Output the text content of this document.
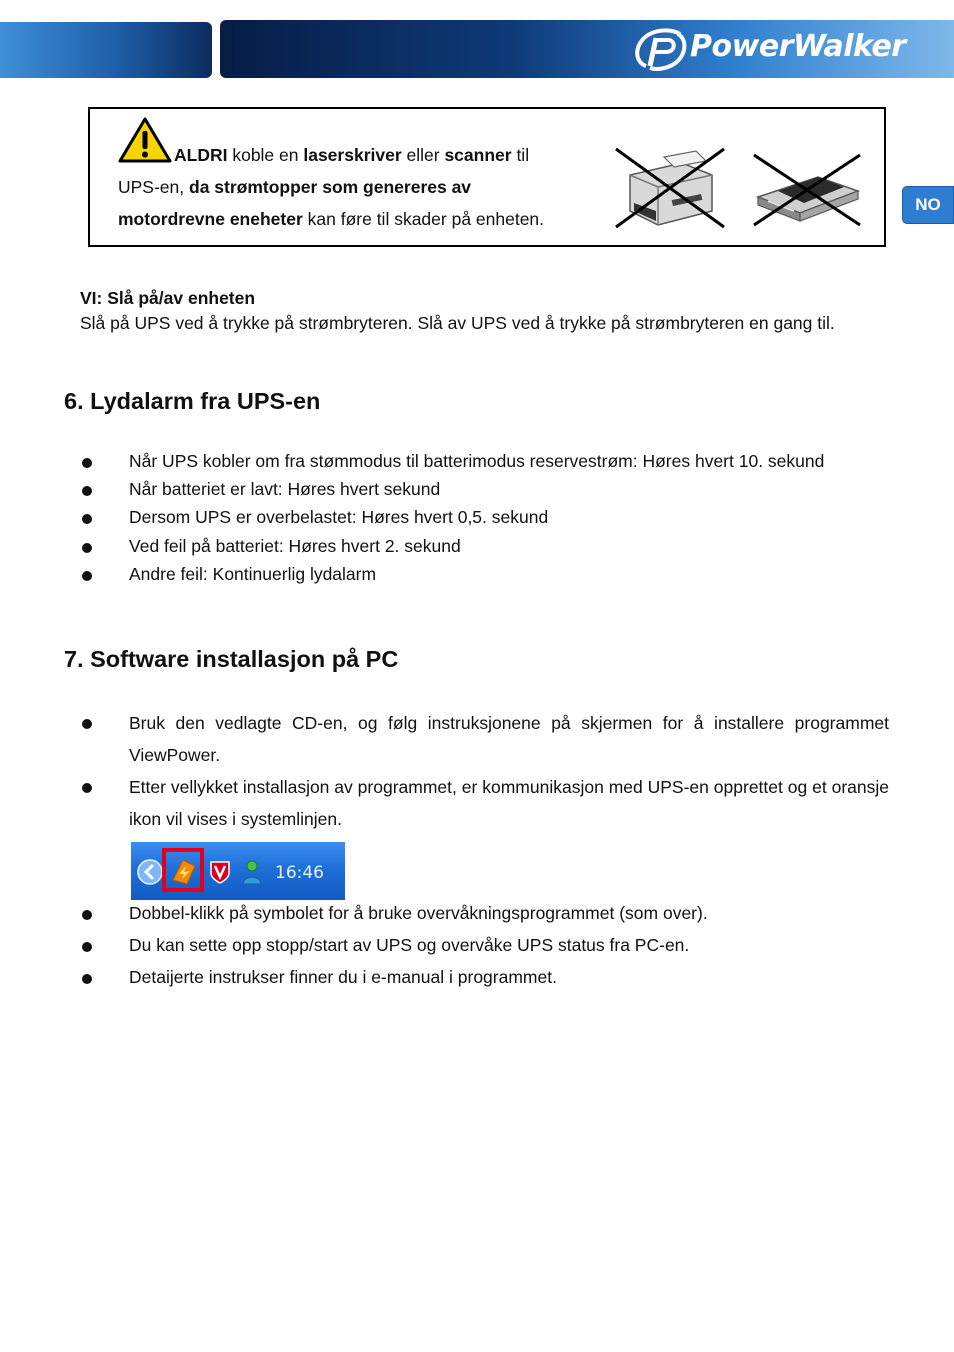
PowerWalker
NO
ALDRI koble en laserskriver eller scanner til
UPS-en, da strømtopper som genereres av
motordrevne eneheter kan føre til skader på enheten.
VI: Slå på/av enheten
Slå på UPS ved å trykke på strømbryteren. Slå av UPS ved å trykke på strømbryteren en gang til.
6. Lydalarm fra UPS-en
Når UPS kobler om fra stømmodus til batterimodus reservestrøm: Høres hvert 10. sekund
Når batteriet er lavt: Høres hvert sekund
Dersom UPS er overbelastet: Høres hvert 0,5. sekund
Ved feil på batteriet: Høres hvert 2. sekund
Andre feil: Kontinuerlig lydalarm
7. Software installasjon på PC
Bruk den vedlagte CD-en, og følg instruksjonene på skjermen for å installere programmet ViewPower.
Etter vellykket installasjon av programmet, er kommunikasjon med UPS-en opprettet og et oransje ikon vil vises i systemlinjen.
16:46
Dobbel-klikk på symbolet for å bruke overvåkningsprogrammet (som over).
Du kan sette opp stopp/start av UPS og overvåke UPS status fra PC-en.
Detaijerte instrukser finner du i e-manual i programmet.
